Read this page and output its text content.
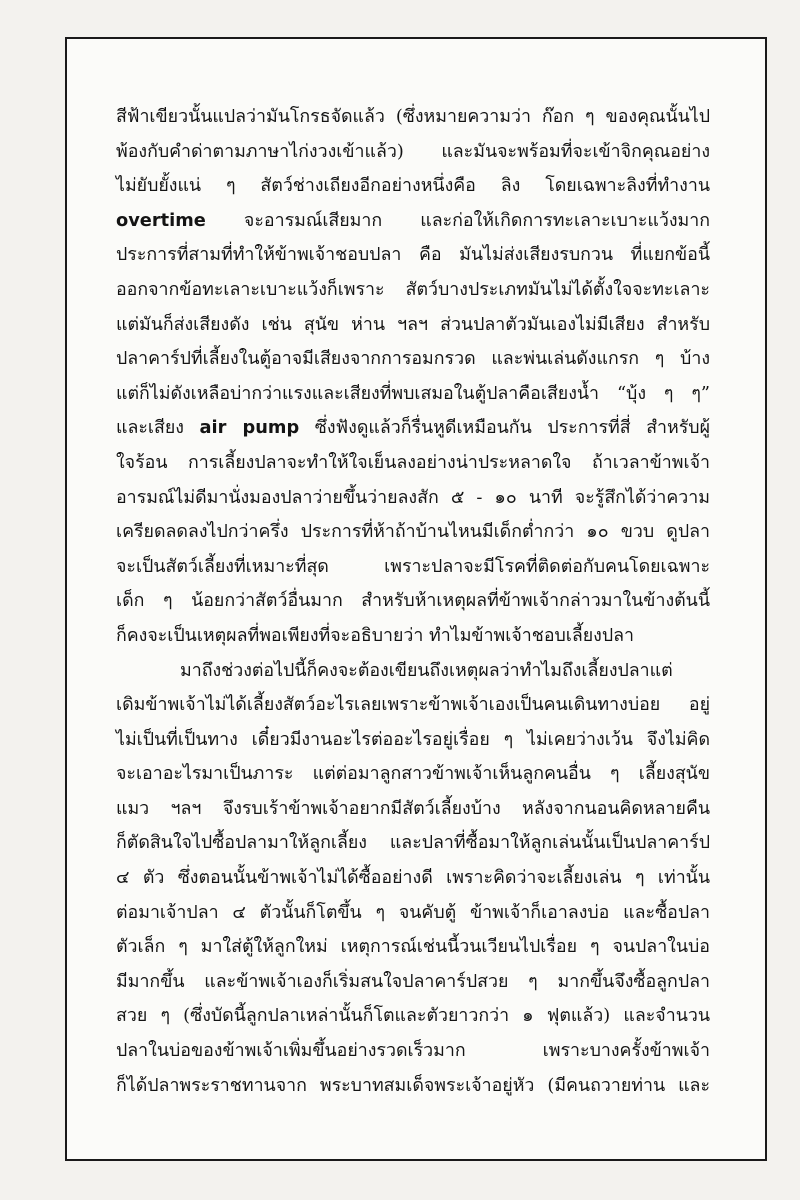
สีฟ้าเขียวนั้นแปลว่ามันโกรธจัดแล้ว (ซึ่งหมายความว่า ก๊อก ๆ ของคุณนั้นไป
พ้องกับคำด่าตามภาษาไก่งวงเข้าแล้ว) และมันจะพร้อมที่จะเข้าจิกคุณอย่าง
ไม่ยับยั้งแน่ ๆ สัตว์ช่างเถียงอีกอย่างหนึ่งคือ ลิง โดยเฉพาะลิงที่ทำงาน
overtime จะอารมณ์เสียมาก และก่อให้เกิดการทะเลาะเบาะแว้งมาก
ประการที่สามที่ทำให้ข้าพเจ้าชอบปลา คือ มันไม่ส่งเสียงรบกวน ที่แยกข้อนี้
ออกจากข้อทะเลาะเบาะแว้งก็เพราะ สัตว์บางประเภทมันไม่ได้ตั้งใจจะทะเลาะ
แต่มันก็ส่งเสียงดัง เช่น สุนัข ห่าน ฯลฯ ส่วนปลาตัวมันเองไม่มีเสียง สำหรับ
ปลาคาร์ปที่เลี้ยงในตู้อาจมีเสียงจากการอมกรวด และพ่นเล่นดังแกรก ๆ บ้าง
แต่ก็ไม่ดังเหลือบ่ากว่าแรงและเสียงที่พบเสมอในตู้ปลาคือเสียงน้ำ “บุ้ง ๆ ๆ”
และเสียง air pump ซึ่งฟังดูแล้วก็รื่นหูดีเหมือนกัน ประการที่สี่ สำหรับผู้
ใจร้อน การเลี้ยงปลาจะทำให้ใจเย็นลงอย่างน่าประหลาดใจ ถ้าเวลาข้าพเจ้า
อารมณ์ไม่ดีมานั่งมองปลาว่ายขึ้นว่ายลงสัก ๕ - ๑๐ นาที จะรู้สึกได้ว่าความ
เครียดลดลงไปกว่าครึ่ง ประการที่ห้าถ้าบ้านไหนมีเด็กต่ำกว่า ๑๐ ขวบ ดูปลา
จะเป็นสัตว์เลี้ยงที่เหมาะที่สุด เพราะปลาจะมีโรคที่ติดต่อกับคนโดยเฉพาะ
เด็ก ๆ น้อยกว่าสัตว์อื่นมาก สำหรับห้าเหตุผลที่ข้าพเจ้ากล่าวมาในข้างต้นนี้
ก็คงจะเป็นเหตุผลที่พอเพียงที่จะอธิบายว่า ทำไมข้าพเจ้าชอบเลี้ยงปลา
มาถึงช่วงต่อไปนี้ก็คงจะต้องเขียนถึงเหตุผลว่าทำไมถึงเลี้ยงปลาแต่
เดิมข้าพเจ้าไม่ได้เลี้ยงสัตว์อะไรเลยเพราะข้าพเจ้าเองเป็นคนเดินทางบ่อย อยู่
ไม่เป็นที่เป็นทาง เดี๋ยวมีงานอะไรต่ออะไรอยู่เรื่อย ๆ ไม่เคยว่างเว้น จึงไม่คิด
จะเอาอะไรมาเป็นภาระ แต่ต่อมาลูกสาวข้าพเจ้าเห็นลูกคนอื่น ๆ เลี้ยงสุนัข
แมว ฯลฯ จึงรบเร้าข้าพเจ้าอยากมีสัตว์เลี้ยงบ้าง หลังจากนอนคิดหลายคืน
ก็ตัดสินใจไปซื้อปลามาให้ลูกเลี้ยง และปลาที่ซื้อมาให้ลูกเล่นนั้นเป็นปลาคาร์ป
๔ ตัว ซึ่งตอนนั้นข้าพเจ้าไม่ได้ซื้ออย่างดี เพราะคิดว่าจะเลี้ยงเล่น ๆ เท่านั้น
ต่อมาเจ้าปลา ๔ ตัวนั้นก็โตขึ้น ๆ จนคับตู้ ข้าพเจ้าก็เอาลงบ่อ และซื้อปลา
ตัวเล็ก ๆ มาใส่ตู้ให้ลูกใหม่ เหตุการณ์เช่นนี้วนเวียนไปเรื่อย ๆ จนปลาในบ่อ
มีมากขึ้น และข้าพเจ้าเองก็เริ่มสนใจปลาคาร์ปสวย ๆ มากขึ้นจึงซื้อลูกปลา
สวย ๆ (ซึ่งบัดนี้ลูกปลาเหล่านั้นก็โตและตัวยาวกว่า ๑ ฟุตแล้ว) และจำนวน
ปลาในบ่อของข้าพเจ้าเพิ่มขึ้นอย่างรวดเร็วมาก เพราะบางครั้งข้าพเจ้า
ก็ได้ปลาพระราชทานจาก พระบาทสมเด็จพระเจ้าอยู่หัว (มีคนถวายท่าน และ
